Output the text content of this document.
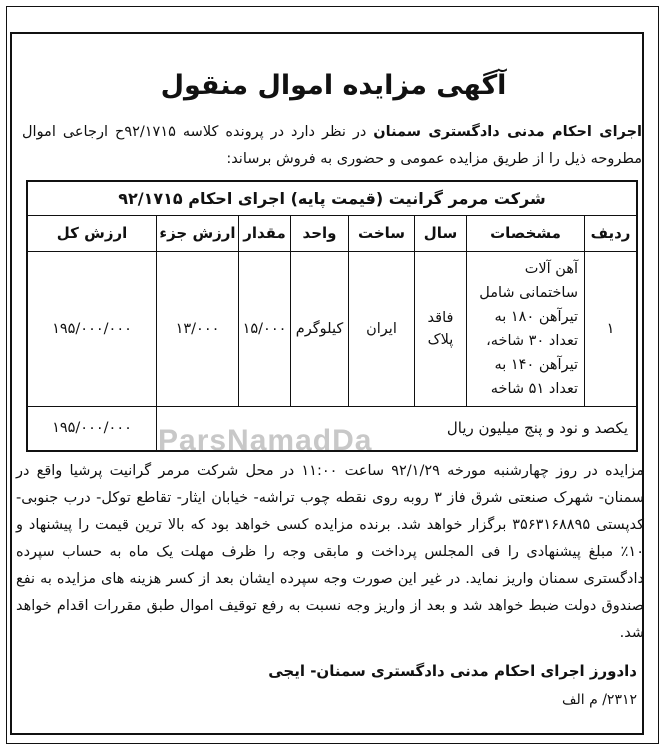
ParsNamadDa
آگهی مزایده اموال منقول
اجرای احکام مدنی دادگستری سمنان در نظر دارد در پرونده کلاسه ۹۲/۱۷۱۵ح ارجاعی اموال مطروحه ذیل را از طریق مزایده عمومی و حضوری به فروش برساند:
شرکت مرمر گرانیت (قیمت پایه) اجرای احکام ۹۲/۱۷۱۵
ردیف
مشخصات
سال
ساخت
واحد
مقدار
ارزش جزء
ارزش کل
۱
آهن آلات ساختمانی شامل تیرآهن ۱۸۰ به تعداد ۳۰ شاخه، تیرآهن ۱۴۰ به تعداد ۵۱ شاخه
فاقد پلاک
ایران
کیلوگرم
۱۵/۰۰۰
۱۳/۰۰۰
۱۹۵/۰۰۰/۰۰۰
یکصد و نود و پنج میلیون ریال
۱۹۵/۰۰۰/۰۰۰
مزایده در روز چهارشنبه مورخه ۹۲/۱/۲۹ ساعت ۱۱:۰۰ در محل شرکت مرمر گرانیت پرشیا واقع در سمنان- شهرک صنعتی شرق فاز ۳ روبه روی نقطه چوب تراشه- خیابان ایثار- تقاطع توکل- درب جنوبی- کدپستی ۳۵۶۳۱۶۸۸۹۵ برگزار خواهد شد. برنده مزایده کسی خواهد بود که بالا ترین قیمت را پیشنهاد و ۱۰٪ مبلغ پیشنهادی را فی المجلس پرداخت و مابقی وجه را ظرف مهلت یک ماه به حساب سپرده دادگستری سمنان واریز نماید. در غیر این صورت وجه سپرده ایشان بعد از کسر هزینه های مزایده به نفع صندوق دولت ضبط خواهد شد و بعد از واریز وجه نسبت به رفع توقیف اموال طبق مقررات اقدام خواهد شد.
دادورز اجرای احکام مدنی دادگستری سمنان- ایجی
۲۳۱۲/ م الف
